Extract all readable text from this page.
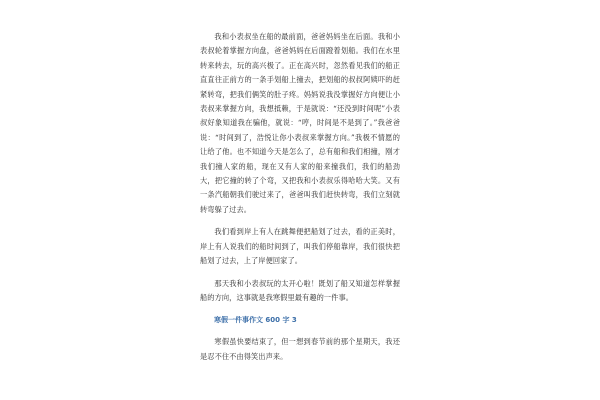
我和小表叔坐在船的最前面，爸爸妈妈坐在后面。我和小表叔轮着掌握方向盘，爸爸妈妈在后面蹬着划船。我们在水里转来转去，玩的高兴极了。正在高兴时，忽然看见我们的船正直直往正前方的一条手划船上撞去，把划船的叔叔阿姨吓的赶紧转弯，把我们俩笑的肚子疼。妈妈说我没掌握好方向便让小表叔来掌握方向，我想抵赖，于是就说：“还没到时间呢”小表叔好象知道我在骗他，就说：“哼，时间是不是到了。”我爸爸说：“时间到了，浩悦让你小表叔来掌握方向。”我极不情愿的让给了他。也不知道今天是怎么了，总有船和我们相撞，刚才我们撞人家的船，现在又有人家的船来撞我们，我们的船劲大，把它撞的转了个弯，又把我和小表叔乐得哈哈大笑。又有一条汽船朝我们驶过来了，爸爸叫我们赶快转弯，我们立刻就转弯躲了过去。

我们看到岸上有人在跳舞便把船划了过去，看的正美时，岸上有人说我们的船时间到了，叫我们停船靠岸，我们很快把船划了过去，上了岸便回家了。

那天我和小表叔玩的太开心啦！既划了船又知道怎样掌握船的方向，这事就是我寒假里最有趣的一件事。

寒假一件事作文 600 字 3

寒假虽快要结束了，但一想到春节前的那个星期天，我还是忍不住不由得笑出声来。
